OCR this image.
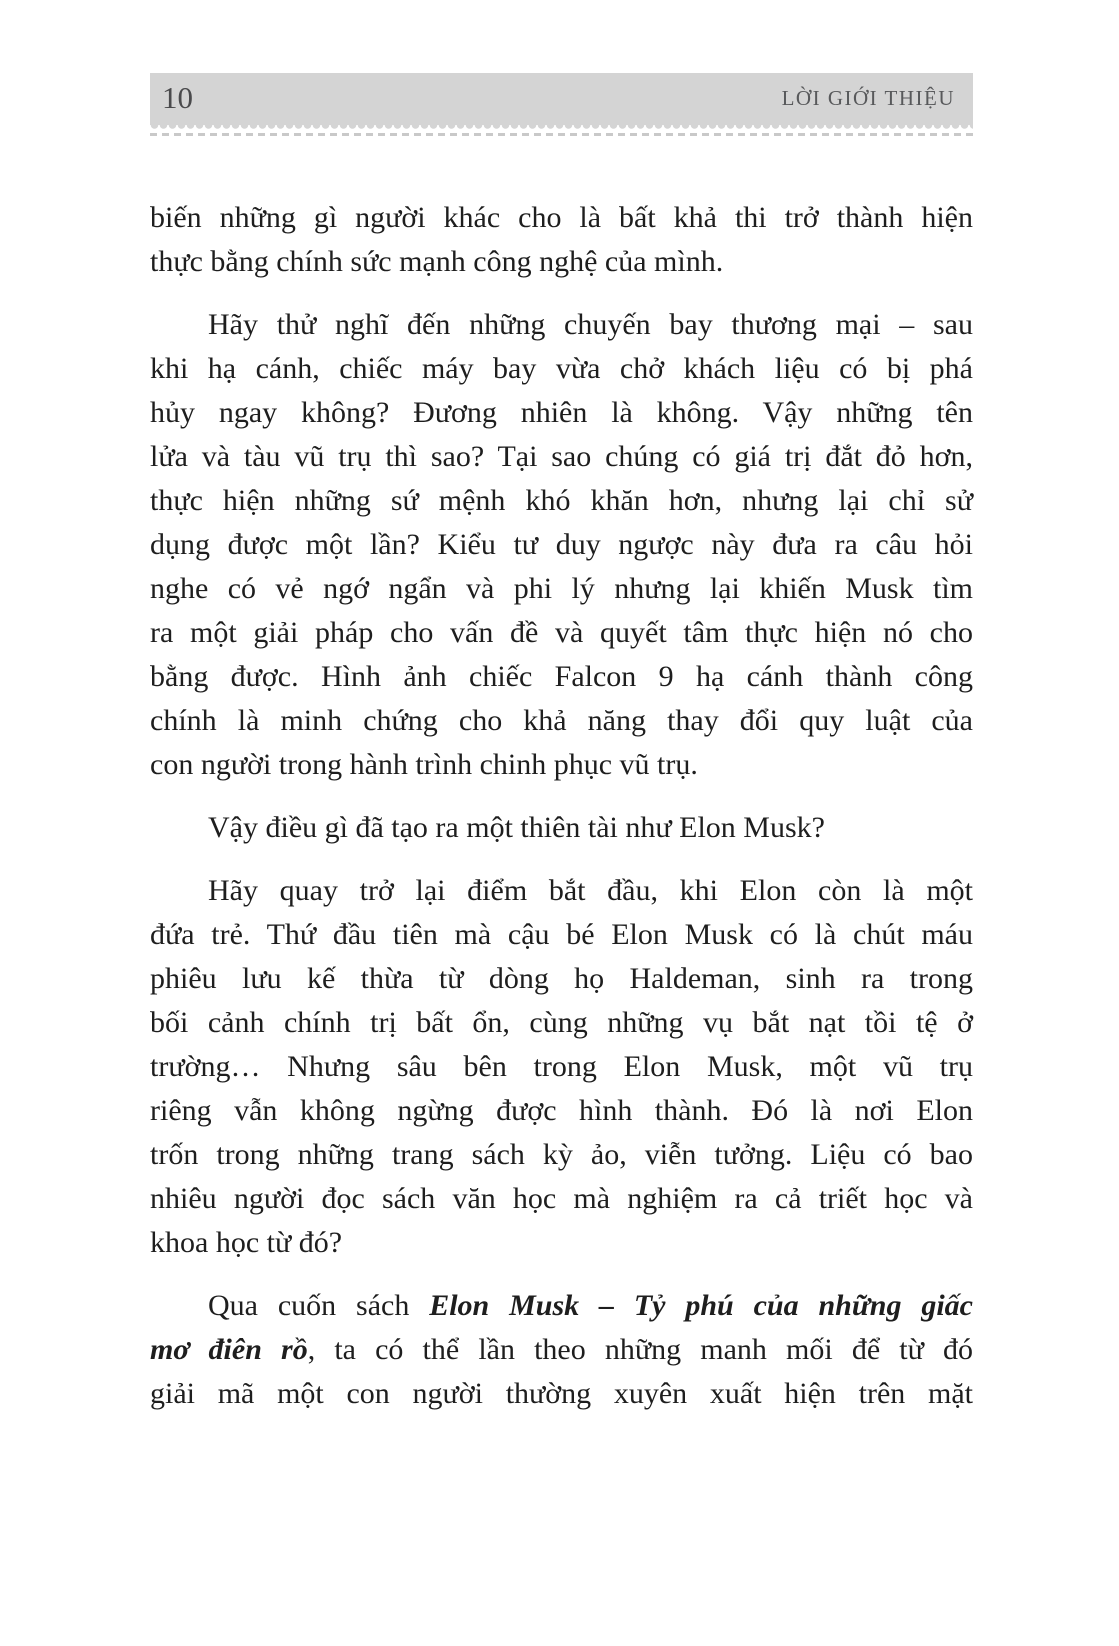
10	LỜI GIỚI THIỆU
biến những gì người khác cho là bất khả thi trở thành hiện
thực bằng chính sức mạnh công nghệ của mình.
Hãy thử nghĩ đến những chuyến bay thương mại – sau
khi hạ cánh, chiếc máy bay vừa chở khách liệu có bị phá
hủy ngay không? Đương nhiên là không. Vậy những tên
lửa và tàu vũ trụ thì sao? Tại sao chúng có giá trị đắt đỏ hơn,
thực hiện những sứ mệnh khó khăn hơn, nhưng lại chỉ sử
dụng được một lần? Kiểu tư duy ngược này đưa ra câu hỏi
nghe có vẻ ngớ ngẩn và phi lý nhưng lại khiến Musk tìm
ra một giải pháp cho vấn đề và quyết tâm thực hiện nó cho
bằng được. Hình ảnh chiếc Falcon 9 hạ cánh thành công
chính là minh chứng cho khả năng thay đổi quy luật của
con người trong hành trình chinh phục vũ trụ.
Vậy điều gì đã tạo ra một thiên tài như Elon Musk?
Hãy quay trở lại điểm bắt đầu, khi Elon còn là một
đứa trẻ. Thứ đầu tiên mà cậu bé Elon Musk có là chút máu
phiêu lưu kế thừa từ dòng họ Haldeman, sinh ra trong
bối cảnh chính trị bất ổn, cùng những vụ bắt nạt tồi tệ ở
trường… Nhưng sâu bên trong Elon Musk, một vũ trụ
riêng vẫn không ngừng được hình thành. Đó là nơi Elon
trốn trong những trang sách kỳ ảo, viễn tưởng. Liệu có bao
nhiêu người đọc sách văn học mà nghiệm ra cả triết học và
khoa học từ đó?
Qua cuốn sách Elon Musk – Tỷ phú của những giấc
mơ điên rồ, ta có thể lần theo những manh mối để từ đó
giải mã một con người thường xuyên xuất hiện trên mặt
